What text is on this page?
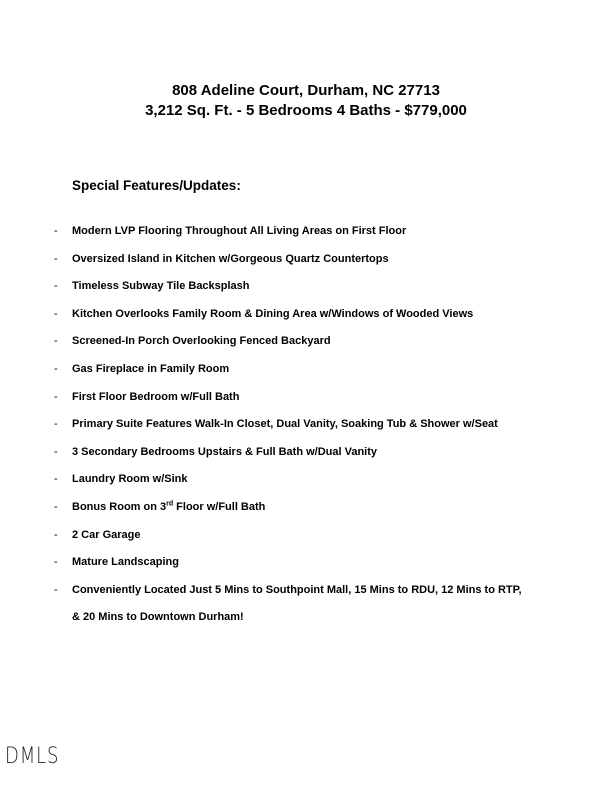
808 Adeline Court, Durham, NC 27713
3,212 Sq. Ft. - 5 Bedrooms 4 Baths - $779,000
Special Features/Updates:
- Modern LVP Flooring Throughout All Living Areas on First Floor
- Oversized Island in Kitchen w/Gorgeous Quartz Countertops
- Timeless Subway Tile Backsplash
- Kitchen Overlooks Family Room & Dining Area w/Windows of Wooded Views
- Screened-In Porch Overlooking Fenced Backyard
- Gas Fireplace in Family Room
- First Floor Bedroom w/Full Bath
- Primary Suite Features Walk-In Closet, Dual Vanity, Soaking Tub & Shower w/Seat
- 3 Secondary Bedrooms Upstairs & Full Bath w/Dual Vanity
- Laundry Room w/Sink
- Bonus Room on 3rd Floor w/Full Bath
- 2 Car Garage
- Mature Landscaping
- Conveniently Located Just 5 Mins to Southpoint Mall, 15 Mins to RDU, 12 Mins to RTP,
& 20 Mins to Downtown Durham!
DMLS
